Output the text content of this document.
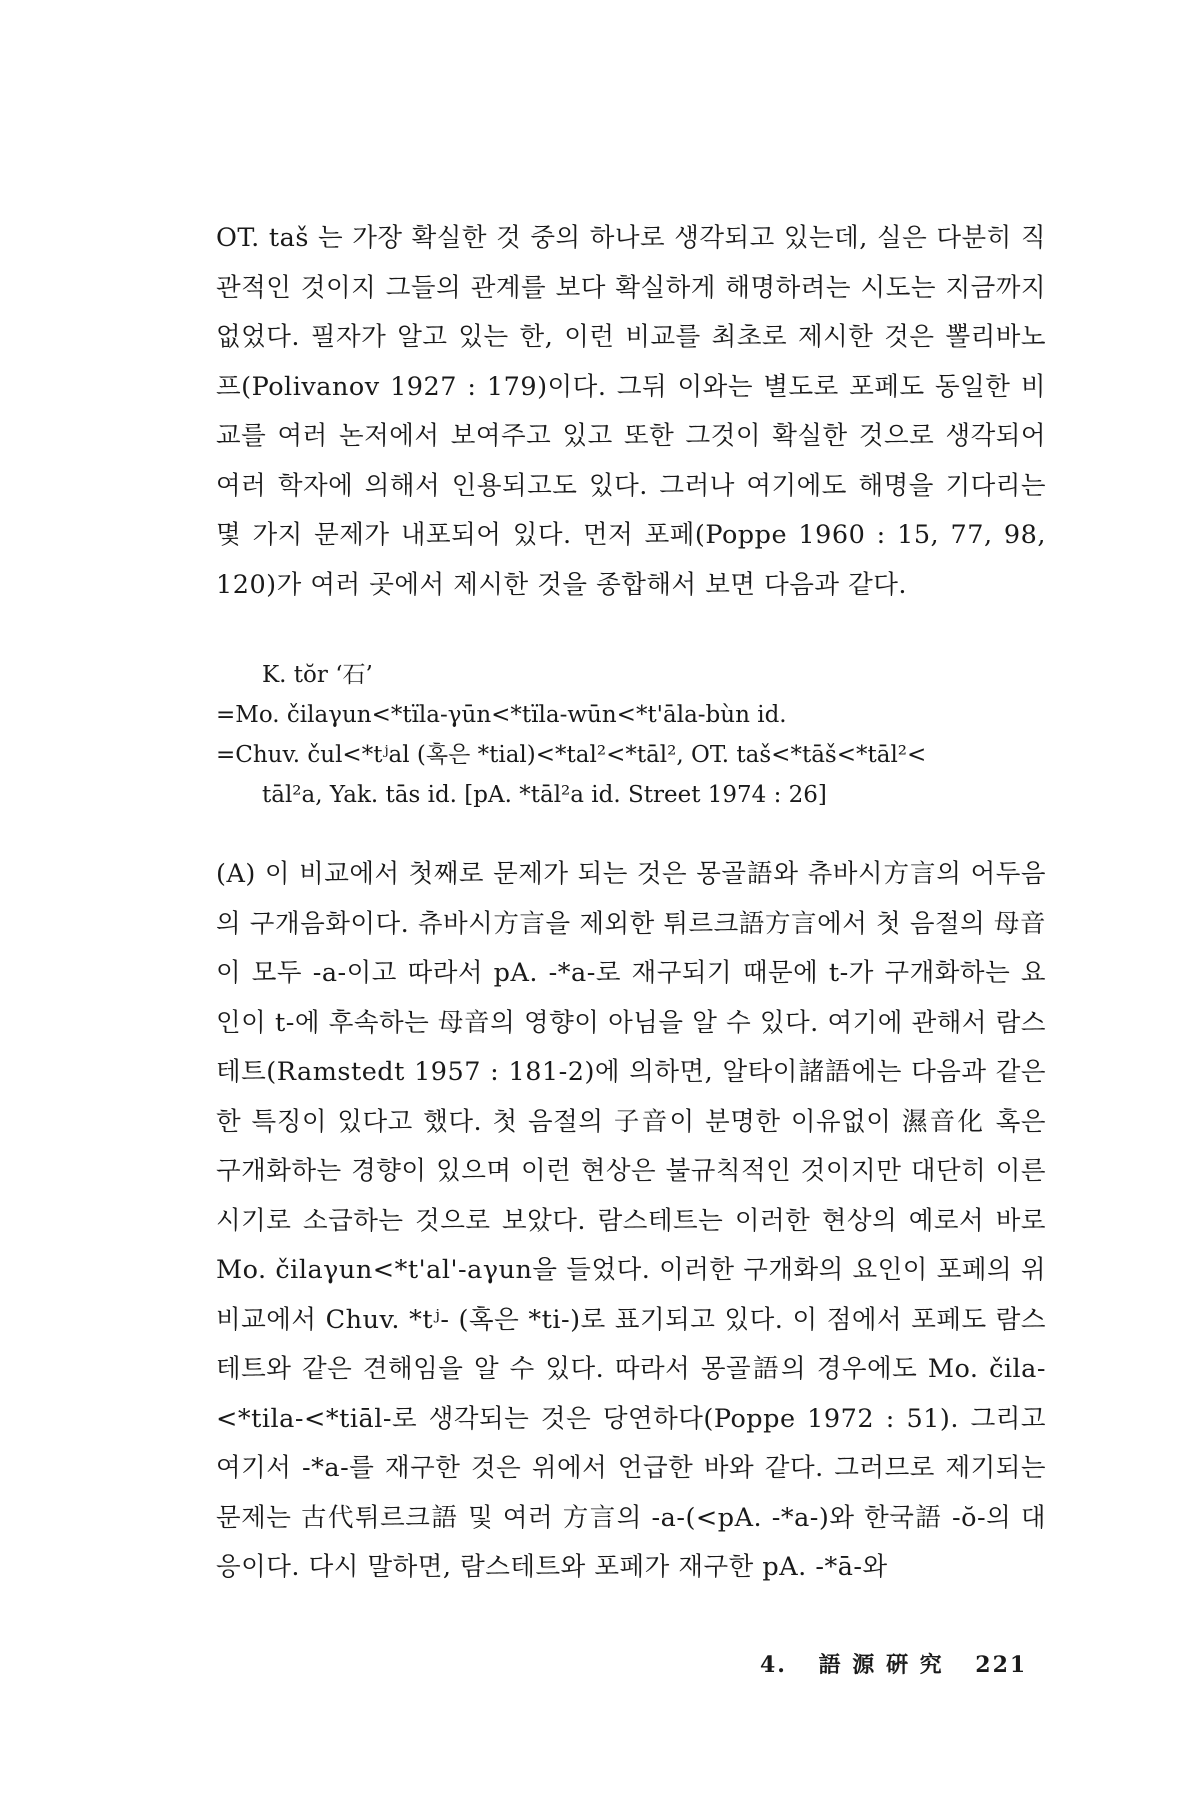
OT. taš 는 가장 확실한 것 중의 하나로 생각되고 있는데, 실은 다분히 직관적인 것이지 그들의 관계를 보다 확실하게 해명하려는 시도는 지금까지 없었다. 필자가 알고 있는 한, 이런 비교를 최초로 제시한 것은 뽈리바노프(Polivanov 1927 : 179)이다. 그뒤 이와는 별도로 포페도 동일한 비교를 여러 논저에서 보여주고 있고 또한 그것이 확실한 것으로 생각되어 여러 학자에 의해서 인용되고도 있다. 그러나 여기에도 해명을 기다리는 몇 가지 문제가 내포되어 있다. 먼저 포페(Poppe 1960 : 15, 77, 98, 120)가 여러 곳에서 제시한 것을 종합해서 보면 다음과 같다.
K. tŏr ‘石’
=Mo. čilaγun<*tïla-γūn<*tïla-wūn<*t'āla-bùn id.
=Chuv. čul<*tʲal (혹은 *tial)<*tal²<*tāl², OT. taš<*tāš<*tāl²<
tāl²a, Yak. tās id. [pA. *tāl²a id. Street 1974 : 26]
(A) 이 비교에서 첫째로 문제가 되는 것은 몽골語와 츄바시方言의 어두음의 구개음화이다. 츄바시方言을 제외한 튀르크語方言에서 첫 음절의 母音이 모두 -a-이고 따라서 pA. -*a-로 재구되기 때문에 t-가 구개화하는 요인이 t-에 후속하는 母音의 영향이 아님을 알 수 있다. 여기에 관해서 람스테트(Ramstedt 1957 : 181-2)에 의하면, 알타이諸語에는 다음과 같은 한 특징이 있다고 했다. 첫 음절의 子音이 분명한 이유없이 濕音化 혹은 구개화하는 경향이 있으며 이런 현상은 불규칙적인 것이지만 대단히 이른 시기로 소급하는 것으로 보았다. 람스테트는 이러한 현상의 예로서 바로 Mo. čilaγun<*t'al'-aγun을 들었다. 이러한 구개화의 요인이 포페의 위 비교에서 Chuv. *tʲ- (혹은 *ti-)로 표기되고 있다. 이 점에서 포페도 람스테트와 같은 견해임을 알 수 있다. 따라서 몽골語의 경우에도 Mo. čila-<*tila-<*tiāl-로 생각되는 것은 당연하다(Poppe 1972 : 51). 그리고 여기서 -*a-를 재구한 것은 위에서 언급한 바와 같다. 그러므로 제기되는 문제는 古代튀르크語 및 여러 方言의 -a-(<pA. -*a-)와 한국語 -ŏ-의 대응이다. 다시 말하면, 람스테트와 포페가 재구한 pA. -*ā-와
4. 語 源 硏 究 221
